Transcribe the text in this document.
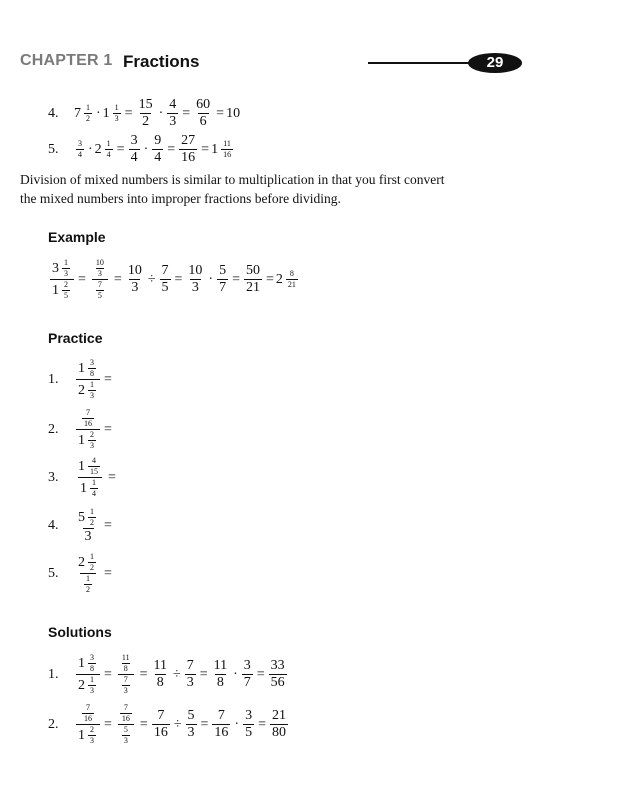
CHAPTER 1 Fractions	29
4.	$7 \frac{1}{2} \cdot 1 \frac{1}{3} = \frac{15}{2} \cdot \frac{4}{3} = \frac{60}{6} = 10$
5.	$\frac{3}{4} \cdot 2 \frac{1}{4} = \frac{3}{4} \cdot \frac{9}{4} = \frac{27}{16} = 1 \frac{11}{16}$
Division of mixed numbers is similar to multiplication in that you first convert the mixed numbers into improper fractions before dividing.
Example
$\frac{3 \frac{1}{3}}{1 \frac{2}{5}} = \frac{\frac{10}{3}}{\frac{7}{5}} = \frac{10}{3} \div \frac{7}{5} = \frac{10}{3} \cdot \frac{5}{7} = \frac{50}{21} = 2 \frac{8}{21}$
Practice
1.	$\frac{1 \frac{3}{8}}{2 \frac{1}{3}}$ =
2.	$\frac{\frac{7}{16}}{1 \frac{2}{3}}$ =
3.	$\frac{1 \frac{4}{15}}{1 \frac{1}{4}}$ =
4.	$\frac{5 \frac{1}{2}}{3}$ =
5.	$\frac{2 \frac{1}{2}}{\frac{1}{2}}$ =
Solutions
1.	$\frac{1 \frac{3}{8}}{2 \frac{1}{3}} = \frac{\frac{11}{8}}{\frac{7}{3}} = \frac{11}{8} \div \frac{7}{3} = \frac{11}{8} \cdot \frac{3}{7} = \frac{33}{56}$
2.	$\frac{\frac{7}{16}}{1 \frac{2}{3}} = \frac{\frac{7}{16}}{\frac{5}{3}} = \frac{7}{16} \div \frac{5}{3} = \frac{7}{16} \cdot \frac{3}{5} = \frac{21}{80}$
